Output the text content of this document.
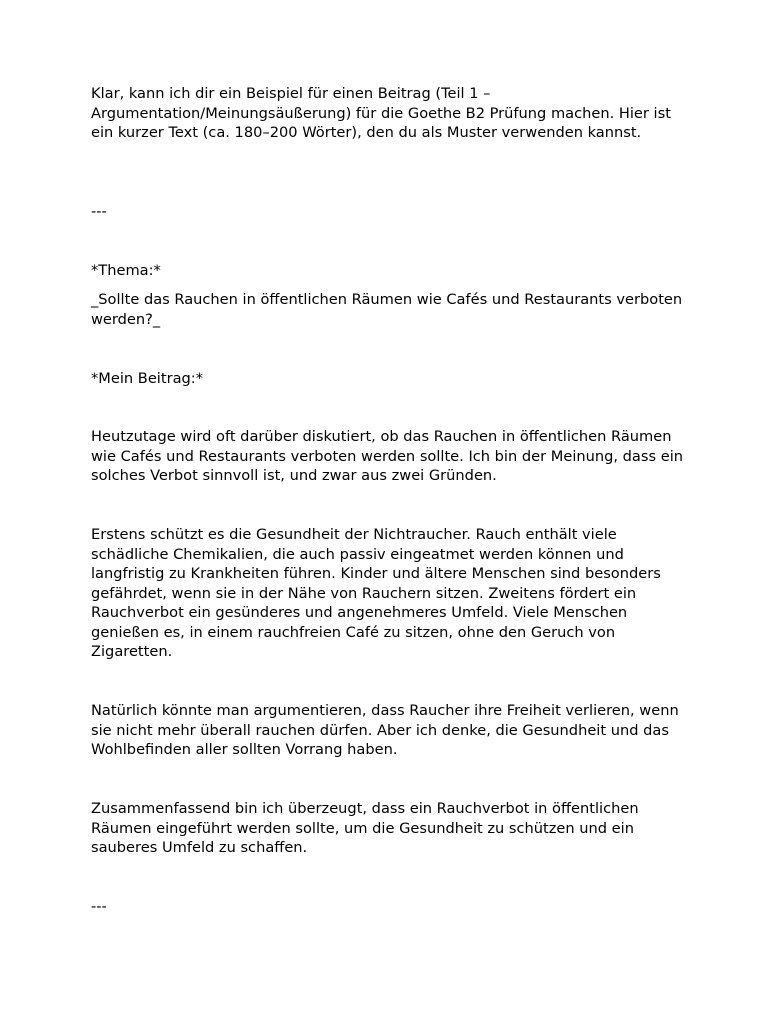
Klar, kann ich dir ein Beispiel für einen Beitrag (Teil 1 – Argumentation/Meinungsäußerung) für die Goethe B2 Prüfung machen. Hier ist ein kurzer Text (ca. 180–200 Wörter), den du als Muster verwenden kannst.

---

*Thema:*

_Sollte das Rauchen in öffentlichen Räumen wie Cafés und Restaurants verboten werden?_

*Mein Beitrag:*

Heutzutage wird oft darüber diskutiert, ob das Rauchen in öffentlichen Räumen wie Cafés und Restaurants verboten werden sollte. Ich bin der Meinung, dass ein solches Verbot sinnvoll ist, und zwar aus zwei Gründen.

Erstens schützt es die Gesundheit der Nichtraucher. Rauch enthält viele schädliche Chemikalien, die auch passiv eingeatmet werden können und langfristig zu Krankheiten führen. Kinder und ältere Menschen sind besonders gefährdet, wenn sie in der Nähe von Rauchern sitzen. Zweitens fördert ein Rauchverbot ein gesünderes und angenehmeres Umfeld. Viele Menschen genießen es, in einem rauchfreien Café zu sitzen, ohne den Geruch von Zigaretten.

Natürlich könnte man argumentieren, dass Raucher ihre Freiheit verlieren, wenn sie nicht mehr überall rauchen dürfen. Aber ich denke, die Gesundheit und das Wohlbefinden aller sollten Vorrang haben.

Zusammenfassend bin ich überzeugt, dass ein Rauchverbot in öffentlichen Räumen eingeführt werden sollte, um die Gesundheit zu schützen und ein sauberes Umfeld zu schaffen.

---
